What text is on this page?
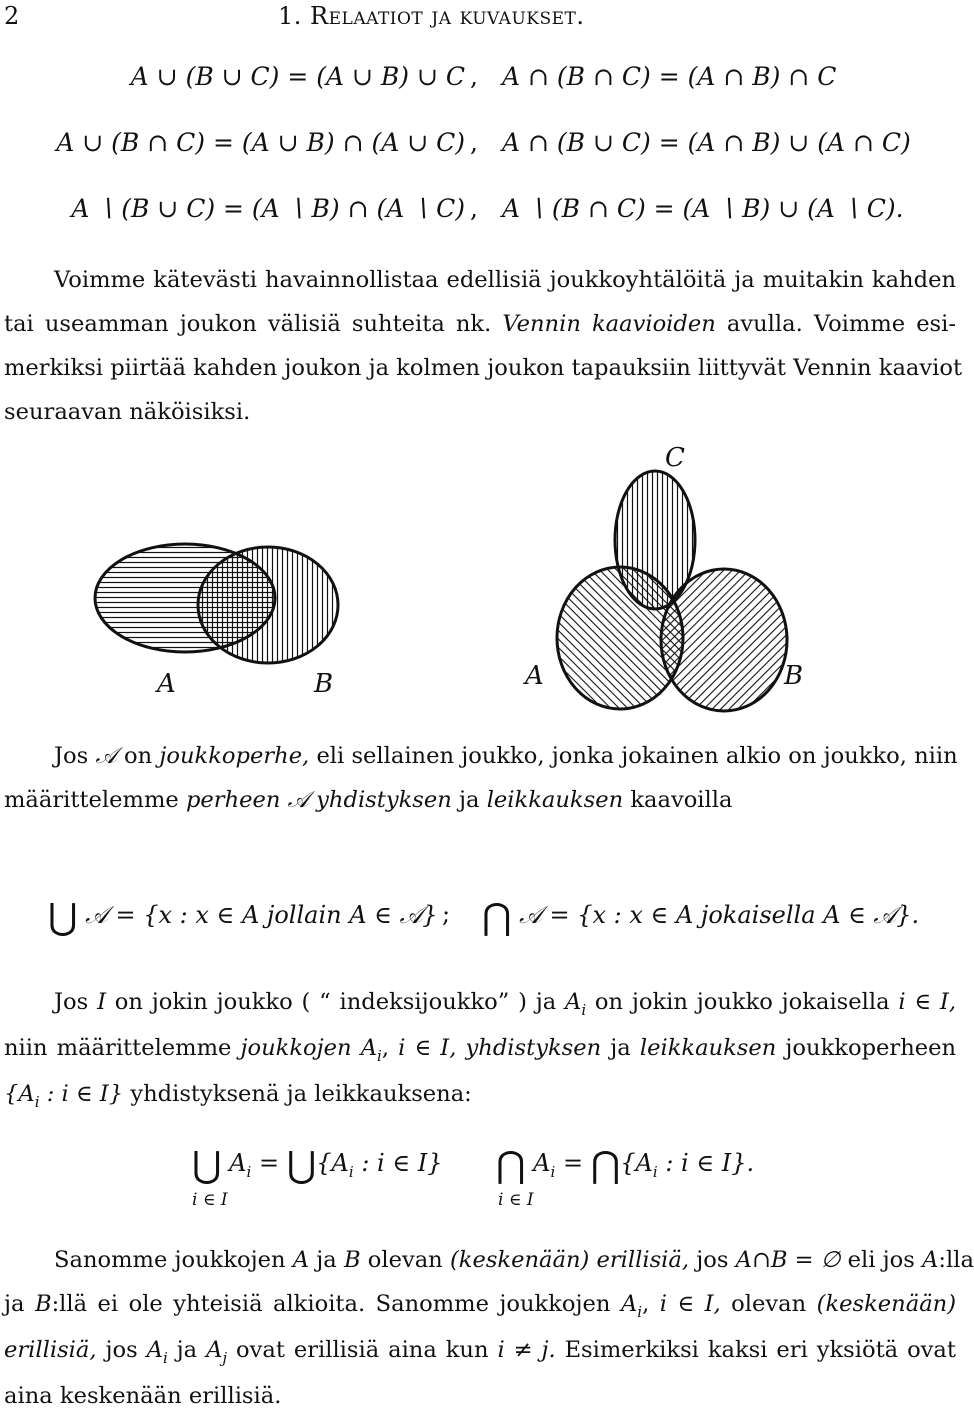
2	1. Relaatiot ja kuvaukset.
A ∪ (B ∪ C) = (A ∪ B) ∪ C , A ∩ (B ∩ C) = (A ∩ B) ∩ C
A ∪ (B ∩ C) = (A ∪ B) ∩ (A ∪ C) , A ∩ (B ∪ C) = (A ∩ B) ∪ (A ∩ C)
A ∖ (B ∪ C) = (A ∖ B) ∩ (A ∖ C) , A ∖ (B ∩ C) = (A ∖ B) ∪ (A ∖ C).
Voimme kätevästi havainnollistaa edellisiä joukkoyhtälöitä ja muitakin kahden
tai useamman joukon välisiä suhteita nk. Vennin kaavioiden avulla. Voimme esi-
merkiksi piirtää kahden joukon ja kolmen joukon tapauksiin liittyvät Vennin kaaviot
seuraavan näköisiksi.
A	B	A	B
C
Jos 𝒜 on joukkoperhe, eli sellainen joukko, jonka jokainen alkio on joukko, niin
määrittelemme perheen 𝒜 yhdistyksen ja leikkauksen kaavoilla
⋃ 𝒜 = {x : x ∈ A jollain A ∈ 𝒜} ; ⋂ 𝒜 = {x : x ∈ A jokaisella A ∈ 𝒜}.
Jos I on jokin joukko ( “ indeksijoukko” ) ja $A_i$ on jokin joukko jokaisella i ∈ I,
niin määrittelemme joukkojen $A_i$, i ∈ I, yhdistyksen ja leikkauksen joukkoperheen
{$A_i$ : i ∈ I} yhdistyksenä ja leikkauksena:
⋃ $A_i$ = $⋃\{A_i$ : i ∈ I}
i ∈ I
⋂ $A_i$ = $⋂\{A_i$ : i ∈ I}.
i ∈ I
Sanomme joukkojen A ja B olevan (keskenään) erillisiä, jos A∩B = ∅ eli jos A:lla
ja B:llä ei ole yhteisiä alkioita. Sanomme joukkojen $A_i$, i ∈ I, olevan (keskenään)
erillisiä, jos $A_i$ ja $A_j$ ovat erillisiä aina kun i ≠ j. Esimerkiksi kaksi eri yksiötä ovat
aina keskenään erillisiä.
